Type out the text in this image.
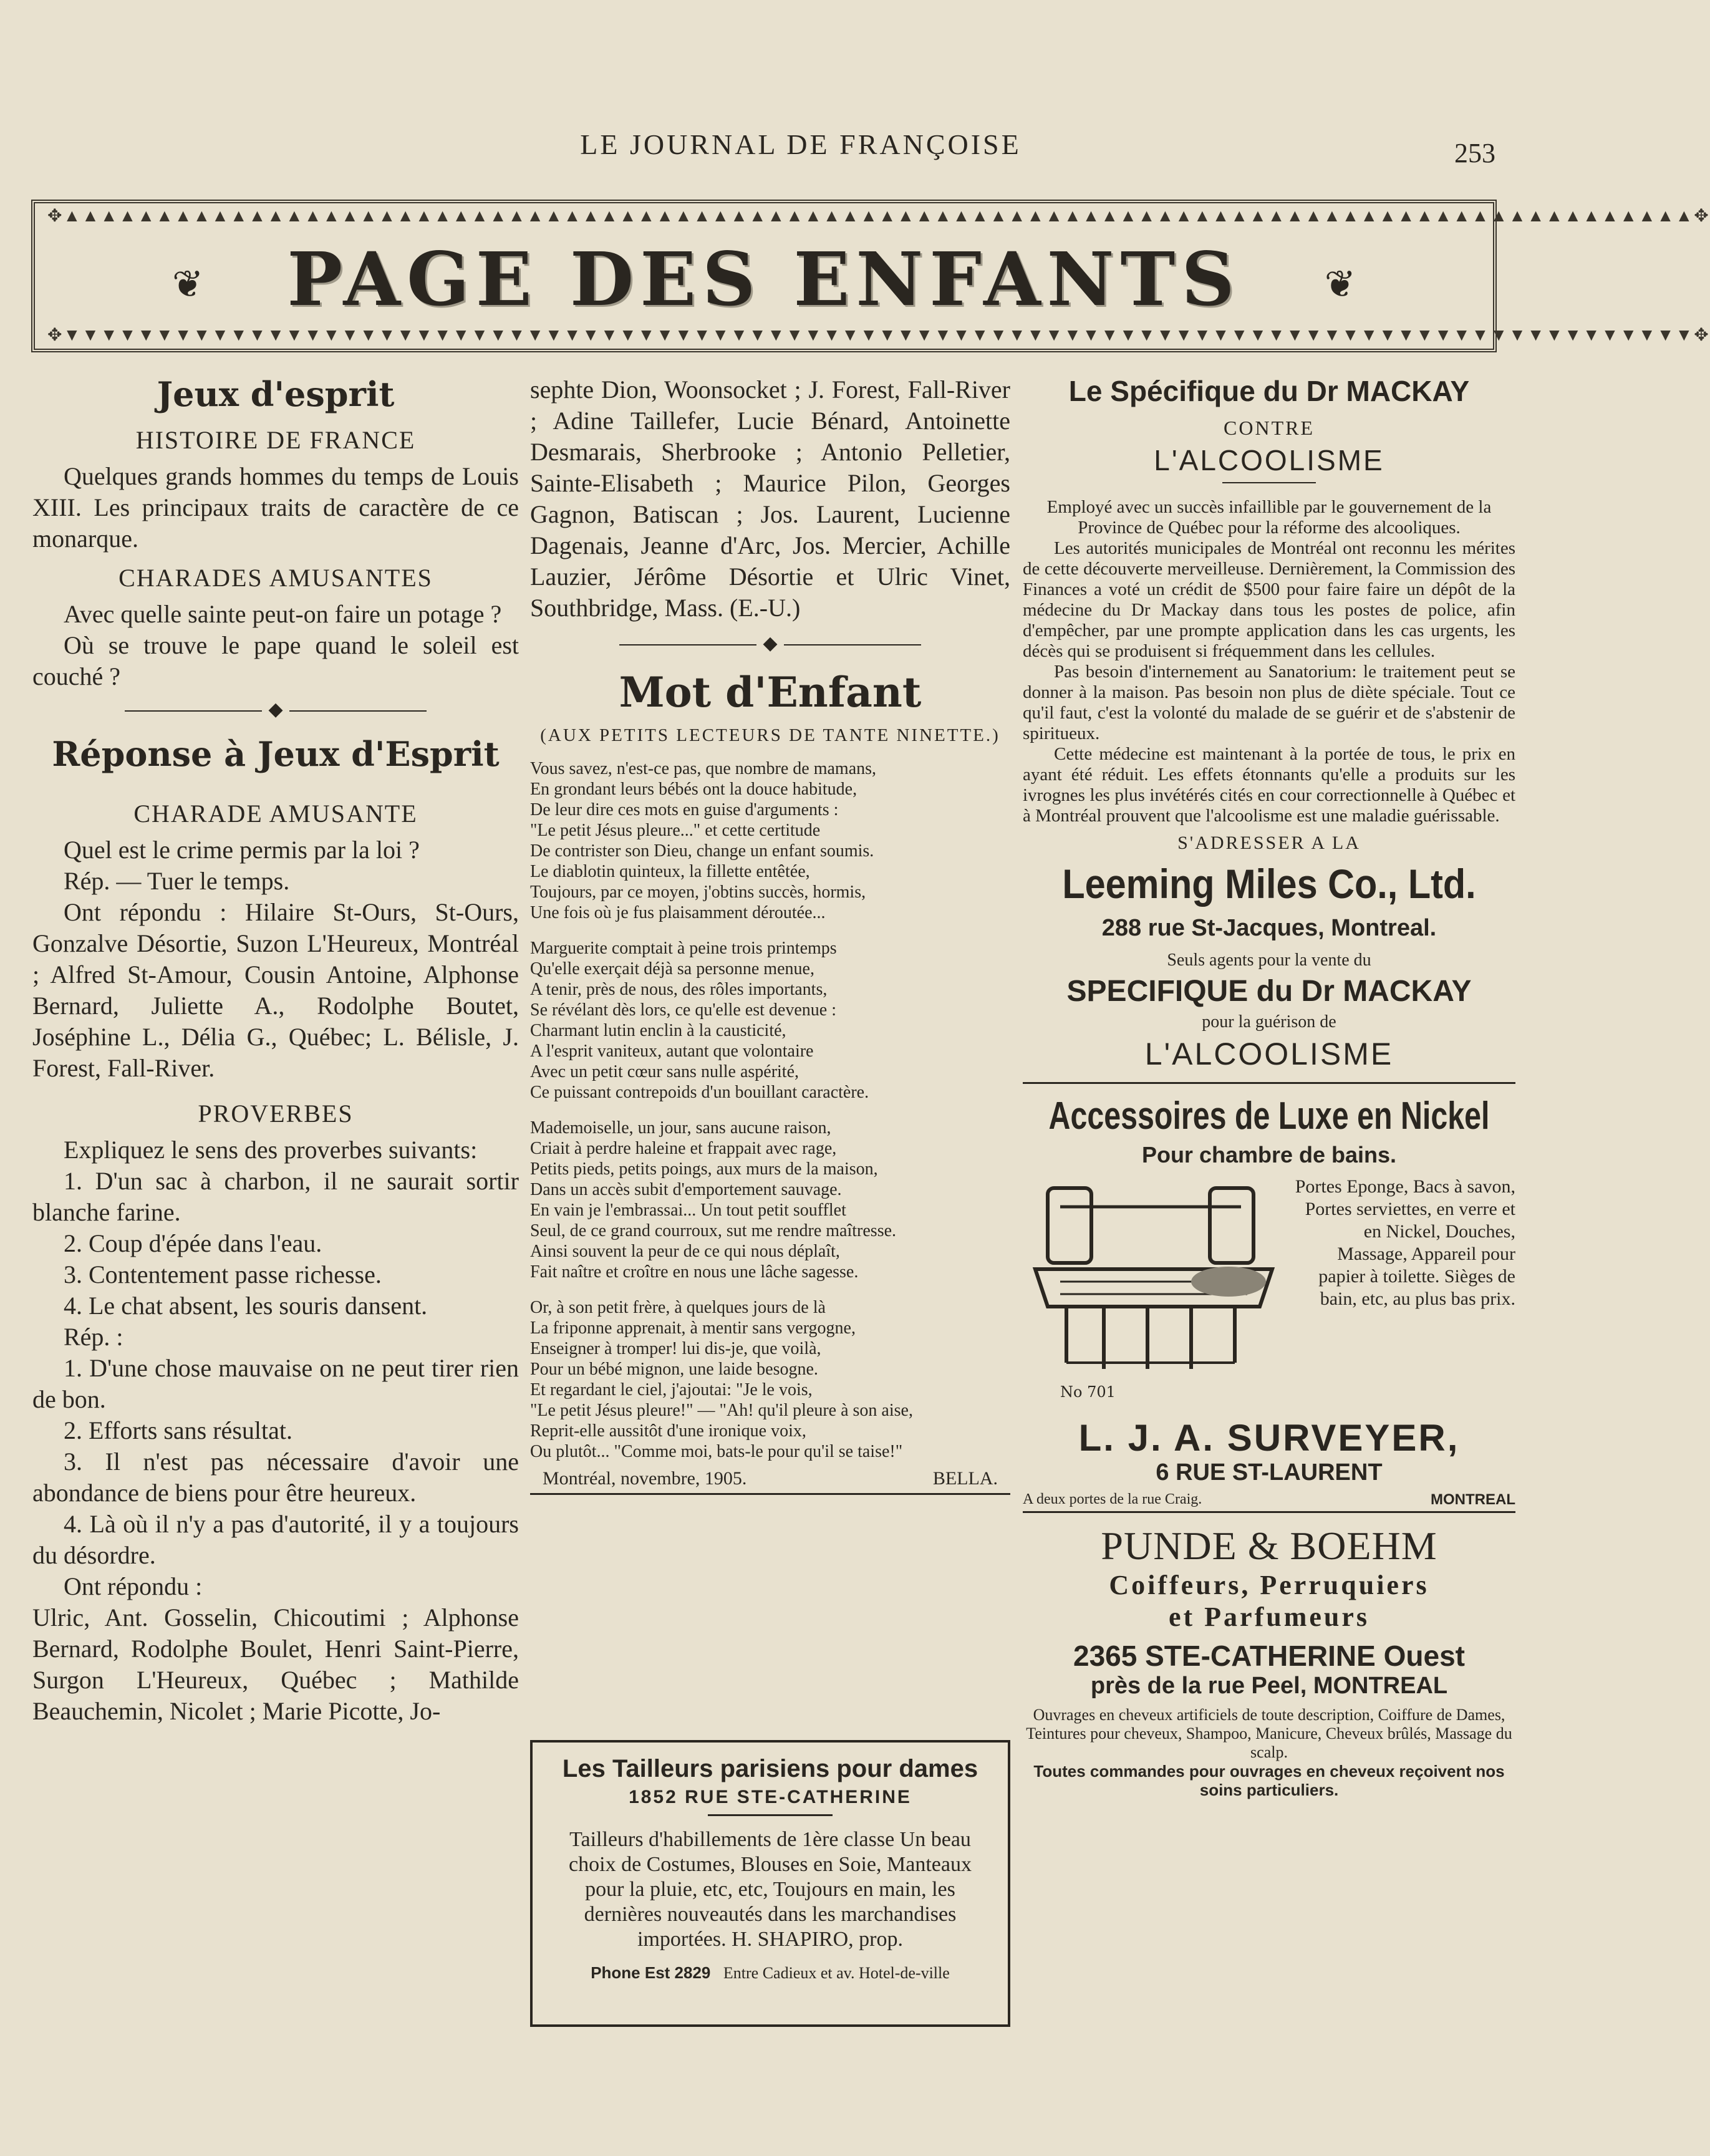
LE JOURNAL DE FRANÇOISE	253
✥▲▲▲▲▲▲▲▲▲▲▲▲▲▲▲▲▲▲▲▲▲▲▲▲▲▲▲▲▲▲▲▲▲▲▲▲▲▲▲▲▲▲▲▲▲▲▲▲▲▲▲▲▲▲▲▲▲▲▲▲▲▲▲▲▲▲▲▲▲▲▲▲▲▲▲▲▲▲▲▲▲▲▲▲▲▲▲▲✥
❦	PAGE DES ENFANTS	❦
✥▼▼▼▼▼▼▼▼▼▼▼▼▼▼▼▼▼▼▼▼▼▼▼▼▼▼▼▼▼▼▼▼▼▼▼▼▼▼▼▼▼▼▼▼▼▼▼▼▼▼▼▼▼▼▼▼▼▼▼▼▼▼▼▼▼▼▼▼▼▼▼▼▼▼▼▼▼▼▼▼▼▼▼▼▼▼▼▼✥
Jeux d'esprit
HISTOIRE DE FRANCE

Quelques grands hommes du temps de Louis XIII. Les principaux traits de caractère de ce monarque.

CHARADES AMUSANTES

Avec quelle sainte peut-on faire un potage ?

Où se trouve le pape quand le soleil est couché ?

◆
Réponse à Jeux d'Esprit
CHARADE AMUSANTE

Quel est le crime permis par la loi ?

Rép. — Tuer le temps.

Ont répondu : Hilaire St-Ours, St-Ours, Gonzalve Désortie, Suzon L'Heureux, Montréal ; Alfred St-Amour, Cousin Antoine, Alphonse Bernard, Juliette A., Rodolphe Boutet, Joséphine L., Délia G., Québec; L. Bélisle, J. Forest, Fall-River.

PROVERBES

Expliquez le sens des proverbes suivants:

1. D'un sac à charbon, il ne saurait sortir blanche farine.

2. Coup d'épée dans l'eau.

3. Contentement passe richesse.

4. Le chat absent, les souris dansent.

Rép. :

1. D'une chose mauvaise on ne peut tirer rien de bon.

2. Efforts sans résultat.

3. Il n'est pas nécessaire d'avoir une abondance de biens pour être heureux.

4. Là où il n'y a pas d'autorité, il y a toujours du désordre.

Ont répondu :

Ulric, Ant. Gosselin, Chicoutimi ; Alphonse Bernard, Rodolphe Boulet, Henri Saint-Pierre, Surgon L'Heureux, Québec ; Mathilde Beauchemin, Nicolet ; Marie Picotte, Jo-

sephte Dion, Woonsocket ; J. Forest, Fall-River ; Adine Taillefer, Lucie Bénard, Antoinette Desmarais, Sherbrooke ; Antonio Pelletier, Sainte-Elisabeth ; Maurice Pilon, Georges Gagnon, Batiscan ; Jos. Laurent, Lucienne Dagenais, Jeanne d'Arc, Jos. Mercier, Achille Lauzier, Jérôme Désortie et Ulric Vinet, Southbridge, Mass. (E.-U.)

◆
Mot d'Enfant

(AUX PETITS LECTEURS DE TANTE NINETTE.)

Vous savez, n'est-ce pas, que nombre de mamans,
En grondant leurs bébés ont la douce habitude,
De leur dire ces mots en guise d'arguments :
"Le petit Jésus pleure..." et cette certitude
De contrister son Dieu, change un enfant soumis.
Le diablotin quinteux, la fillette entêtée,
Toujours, par ce moyen, j'obtins succès, hormis,
Une fois où je fus plaisamment déroutée...
Marguerite comptait à peine trois printemps
Qu'elle exerçait déjà sa personne menue,
A tenir, près de nous, des rôles importants,
Se révélant dès lors, ce qu'elle est devenue :
Charmant lutin enclin à la causticité,
A l'esprit vaniteux, autant que volontaire
Avec un petit cœur sans nulle aspérité,
Ce puissant contrepoids d'un bouillant caractère.
Mademoiselle, un jour, sans aucune raison,
Criait à perdre haleine et frappait avec rage,
Petits pieds, petits poings, aux murs de la maison,
Dans un accès subit d'emportement sauvage.
En vain je l'embrassai... Un tout petit soufflet
Seul, de ce grand courroux, sut me rendre maîtresse.
Ainsi souvent la peur de ce qui nous déplaît,
Fait naître et croître en nous une lâche sagesse.
Or, à son petit frère, à quelques jours de là
La friponne apprenait, à mentir sans vergogne,
Enseigner à tromper! lui dis-je, que voilà,
Pour un bébé mignon, une laide besogne.
Et regardant le ciel, j'ajoutai: "Je le vois,
"Le petit Jésus pleure!" — "Ah! qu'il pleure à son aise,
Reprit-elle aussitôt d'une ironique voix,
Ou plutôt... "Comme moi, bats-le pour qu'il se taise!"
Montréal, novembre, 1905.	BELLA.
Les Tailleurs parisiens pour dames
1852 RUE STE-CATHERINE

Tailleurs d'habillements de 1ère classe Un beau choix de Costumes, Blouses en Soie, Manteaux pour la pluie, etc, etc, Toujours en main, les dernières nouveautés dans les marchandises importées. H. SHAPIRO, prop.

Phone Est 2829 Entre Cadieux et av. Hotel-de-ville
Le Spécifique du Dr MACKAY
CONTRE
L'ALCOOLISME

Employé avec un succès infaillible par le gouvernement de la Province de Québec pour la réforme des alcooliques.

Les autorités municipales de Montréal ont reconnu les mérites de cette découverte merveilleuse. Dernièrement, la Commission des Finances a voté un crédit de $500 pour faire faire un dépôt de la médecine du Dr Mackay dans tous les postes de police, afin d'empêcher, par une prompte application dans les cas urgents, les décès qui se produisent si fréquemment dans les cellules.

Pas besoin d'internement au Sanatorium: le traitement peut se donner à la maison. Pas besoin non plus de diète spéciale. Tout ce qu'il faut, c'est la volonté du malade de se guérir et de s'abstenir de spiritueux.

Cette médecine est maintenant à la portée de tous, le prix en ayant été réduit. Les effets étonnants qu'elle a produits sur les ivrognes les plus invétérés cités en cour correctionnelle à Québec et à Montréal prouvent que l'alcoolisme est une maladie guérissable.

S'ADRESSER A LA
Leeming Miles Co., Ltd.
288 rue St-Jacques, Montreal.
Seuls agents pour la vente du
SPECIFIQUE du Dr MACKAY
pour la guérison de
L'ALCOOLISME
Accessoires de Luxe en Nickel
Pour chambre de bains.
No 701

Portes Eponge, Bacs à savon, Portes serviettes, en verre et en Nickel, Douches, Massage, Appareil pour papier à toilette. Sièges de bain, etc, au plus bas prix.

L. J. A. SURVEYER,
6 RUE ST-LAURENT
A deux portes de la rue Craig.	MONTREAL
PUNDE & BOEHM
Coiffeurs, Perruquiers
et Parfumeurs
2365 STE-CATHERINE Ouest
près de la rue Peel, MONTREAL

Ouvrages en cheveux artificiels de toute description, Coiffure de Dames, Teintures pour cheveux, Shampoo, Manicure, Cheveux brûlés, Massage du scalp.

Toutes commandes pour ouvrages en cheveux reçoivent nos soins particuliers.
